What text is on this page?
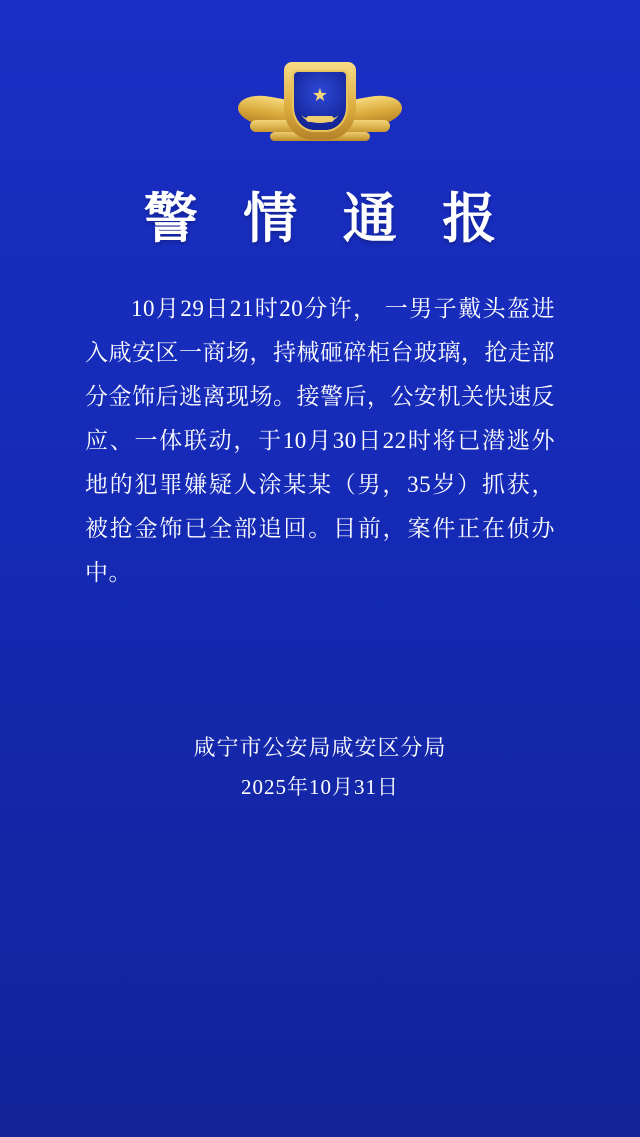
★
警 情 通 报
10月29日21时20分许， 一男子戴头盔进入咸安区一商场，持械砸碎柜台玻璃，抢走部分金饰后逃离现场。接警后，公安机关快速反应、一体联动，于10月30日22时将已潜逃外地的犯罪嫌疑人涂某某（男，35岁）抓获，被抢金饰已全部追回。目前，案件正在侦办中。
咸宁市公安局咸安区分局
2025年10月31日
